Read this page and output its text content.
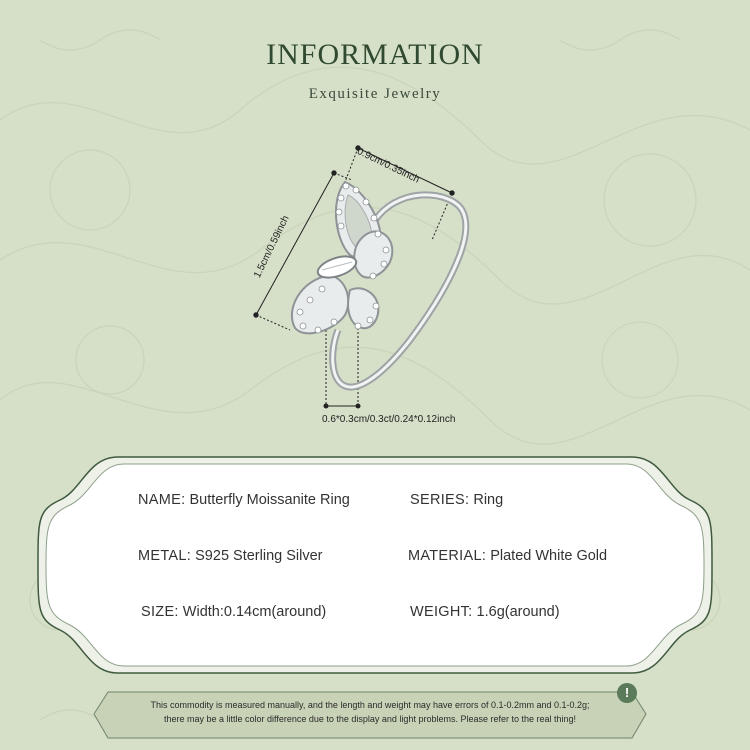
INFORMATION
Exquisite Jewelry
0.9cm/0.35inch
1.5cm/0.59inch
0.6*0.3cm/0.3ct/0.24*0.12inch
NAME: Butterfly Moissanite Ring	SERIES: Ring
METAL: S925 Sterling Silver	MATERIAL: Plated White Gold
SIZE: Width:0.14cm(around)	WEIGHT: 1.6g(around)
This commodity is measured manually, and the length and weight may have errors of 0.1-0.2mm and 0.1-0.2g;
there may be a little color difference due to the display and light problems. Please refer to the real thing!
!
